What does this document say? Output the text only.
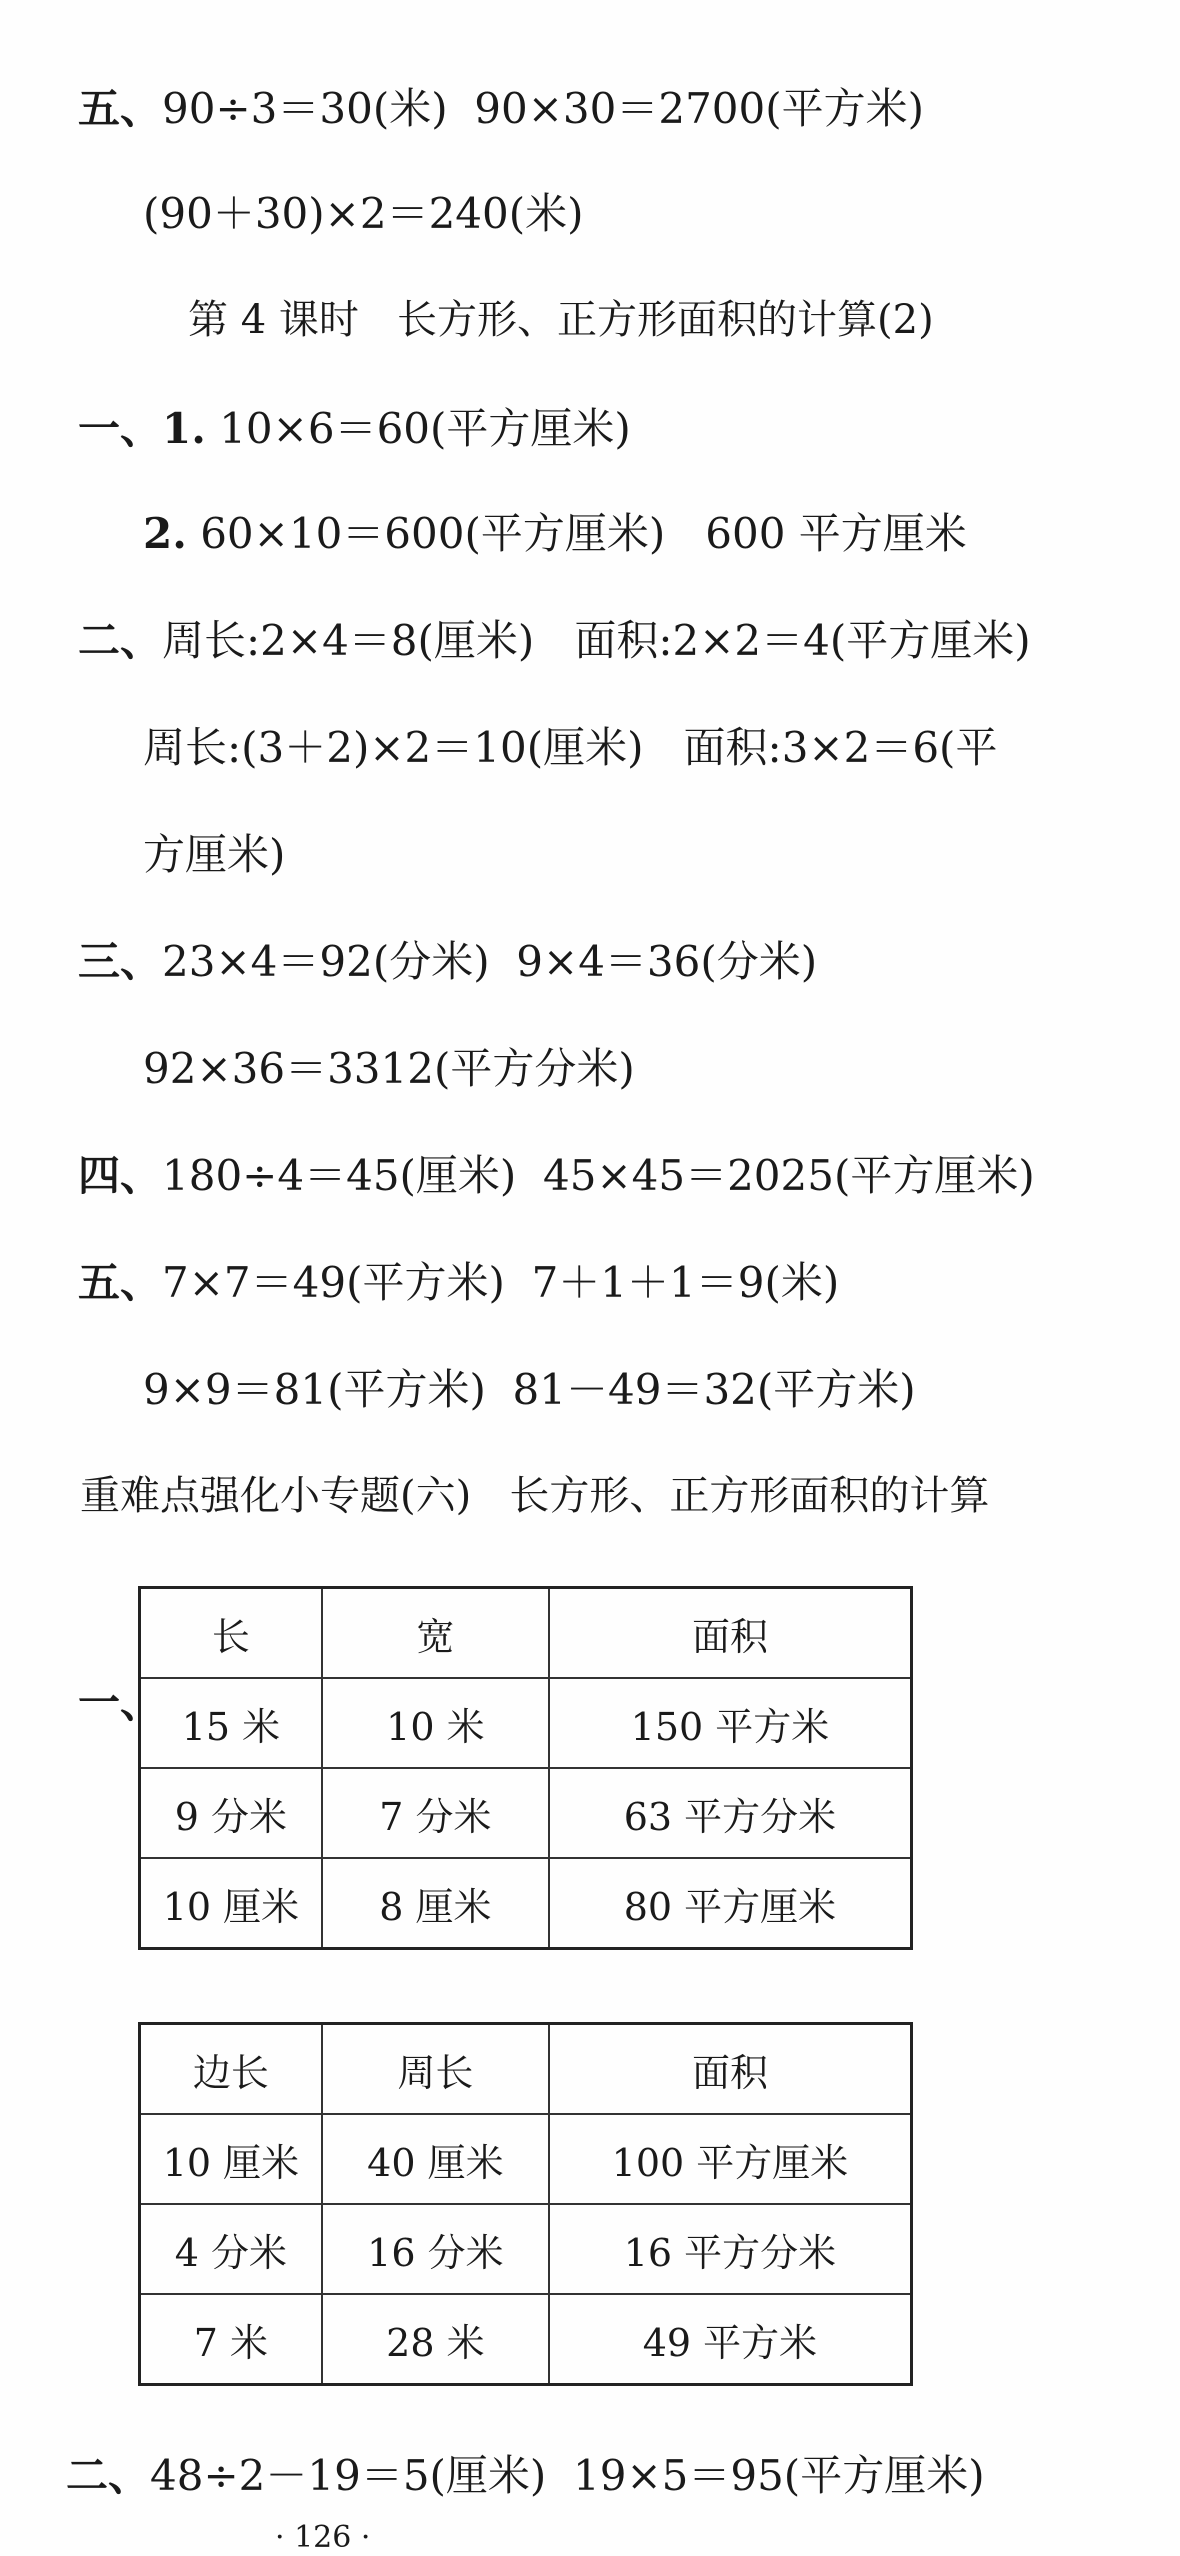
五、90÷3＝30(米)  90×30＝2700(平方米)
(90＋30)×2＝240(米)
第 4 课时   长方形、正方形面积的计算(2)
一、1. 10×6＝60(平方厘米)
2. 60×10＝600(平方厘米)   600 平方厘米
二、周长:2×4＝8(厘米)   面积:2×2＝4(平方厘米)
周长:(3＋2)×2＝10(厘米)   面积:3×2＝6(平
方厘米)
三、23×4＝92(分米)  9×4＝36(分米)
92×36＝3312(平方分米)
四、180÷4＝45(厘米)  45×45＝2025(平方厘米)
五、7×7＝49(平方米)  7＋1＋1＝9(米)
9×9＝81(平方米)  81－49＝32(平方米)
重难点强化小专题(六)   长方形、正方形面积的计算
一、
长	宽	面积
15 米	10 米	150 平方米
9 分米	7 分米	63 平方分米
10 厘米	8 厘米	80 平方厘米
边长	周长	面积
10 厘米	40 厘米	100 平方厘米
4 分米	16 分米	16 平方分米
7 米	28 米	49 平方米
二、48÷2－19＝5(厘米)  19×5＝95(平方厘米)
· 126 ·
